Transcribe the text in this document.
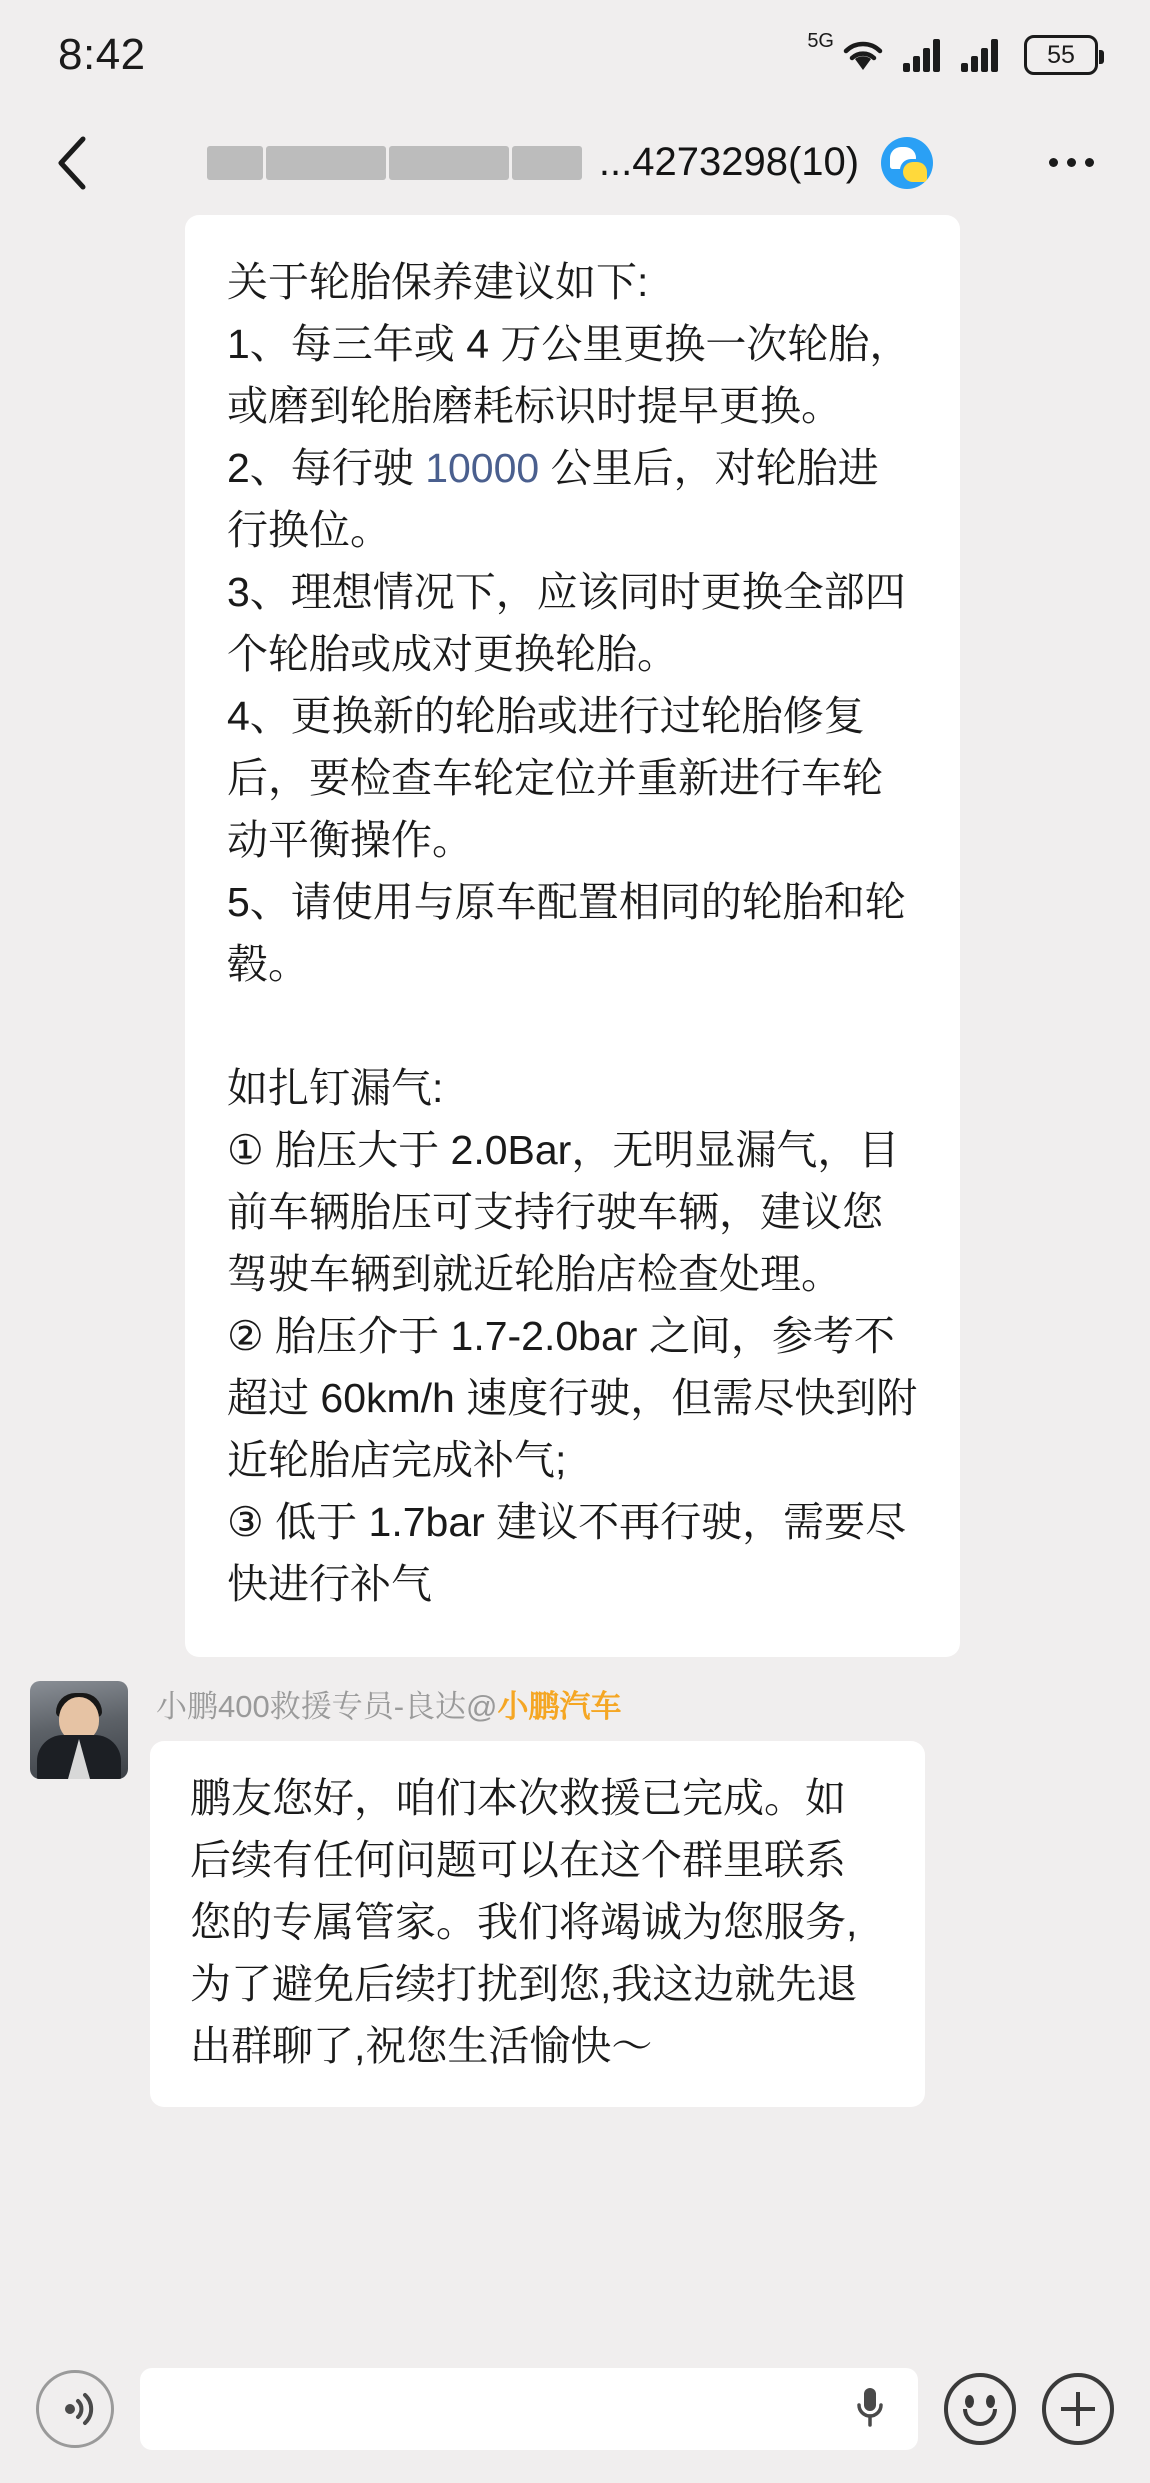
8:42	5G	55
...4273298(10)
关于轮胎保养建议如下:
1、每三年或 4 万公里更换一次轮胎，或磨到轮胎磨耗标识时提早更换。
2、每行驶 10000 公里后，对轮胎进行换位。
3、理想情况下，应该同时更换全部四个轮胎或成对更换轮胎。
4、更换新的轮胎或进行过轮胎修复后，要检查车轮定位并重新进行车轮动平衡操作。
5、请使用与原车配置相同的轮胎和轮毂。

如扎钉漏气:
① 胎压大于 2.0Bar，无明显漏气，目前车辆胎压可支持行驶车辆，建议您驾驶车辆到就近轮胎店检查处理。
② 胎压介于 1.7-2.0bar 之间，参考不超过 60km/h 速度行驶，但需尽快到附近轮胎店完成补气;
③ 低于 1.7bar 建议不再行驶，需要尽快进行补气
小鹏400救援专员-良达@小鹏汽车
鹏友您好，咱们本次救援已完成。如后续有任何问题可以在这个群里联系您的专属管家。我们将竭诚为您服务,为了避免后续打扰到您,我这边就先退出群聊了,祝您生活愉快～
